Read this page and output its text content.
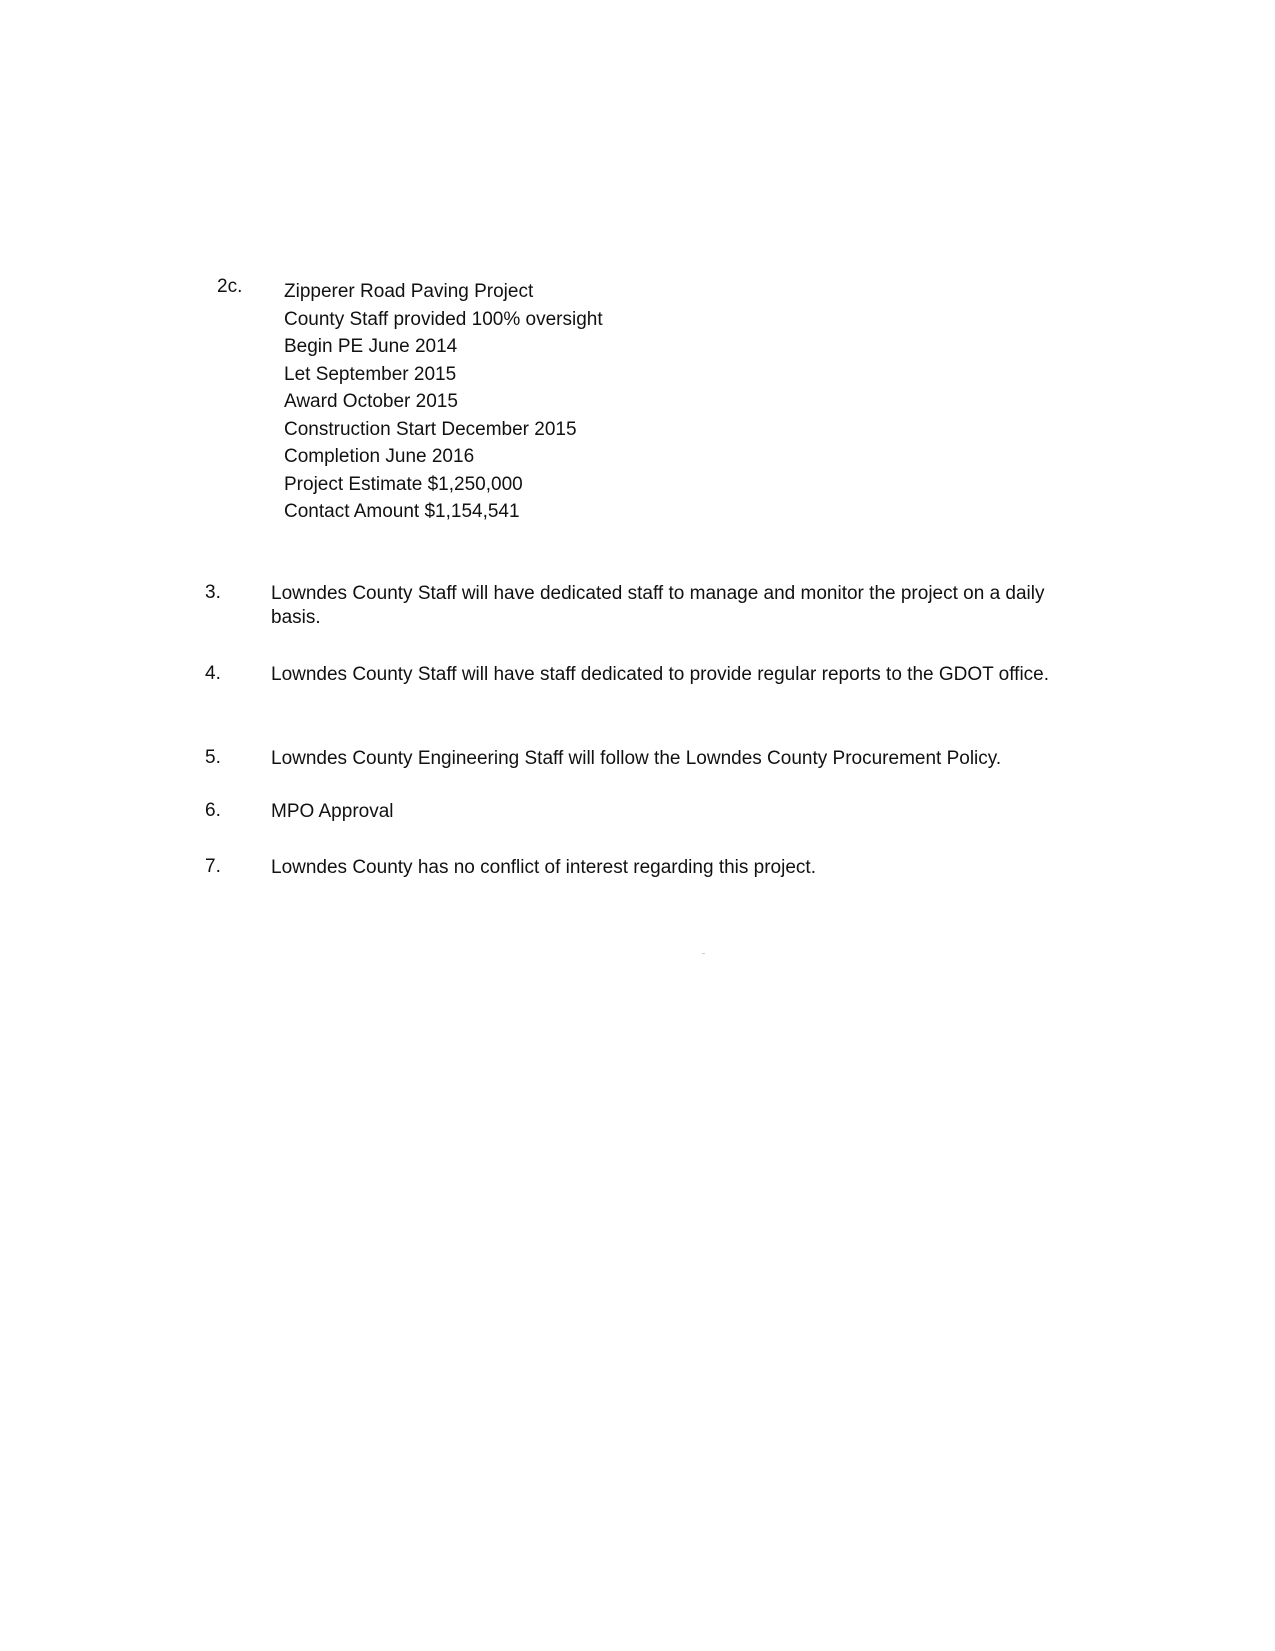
2c. Zipperer Road Paving Project
County Staff provided 100% oversight
Begin PE June 2014
Let September 2015
Award October 2015
Construction Start December 2015
Completion June 2016
Project Estimate $1,250,000
Contact Amount $1,154,541
3.	Lowndes County Staff will have dedicated staff to manage and monitor the project on a daily basis.
4.	Lowndes County Staff will have staff dedicated to provide regular reports to the GDOT office.
5.	Lowndes County Engineering Staff will follow the Lowndes County Procurement Policy.
6.	MPO Approval
7.	Lowndes County has no conflict of interest regarding this project.
